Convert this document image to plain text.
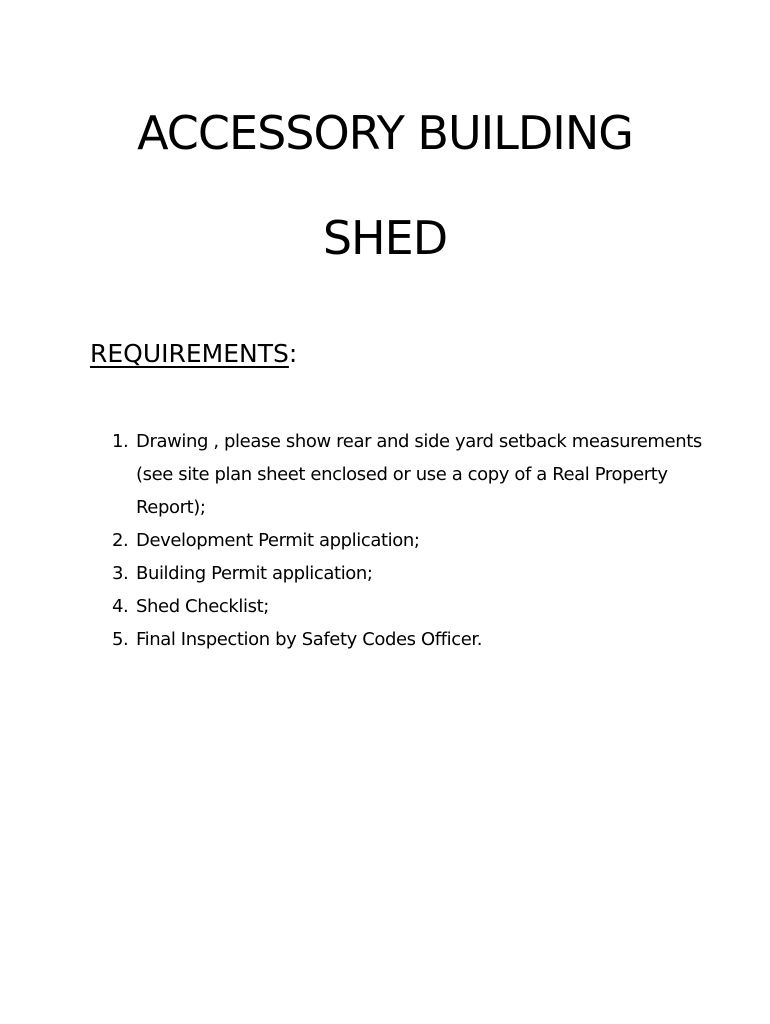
ACCESSORY BUILDING
SHED
REQUIREMENTS:
1. Drawing , please show rear and side yard setback measurements (see site plan sheet enclosed or use a copy of a Real Property Report);
2. Development Permit application;
3. Building Permit application;
4. Shed Checklist;
5. Final Inspection by Safety Codes Officer.
